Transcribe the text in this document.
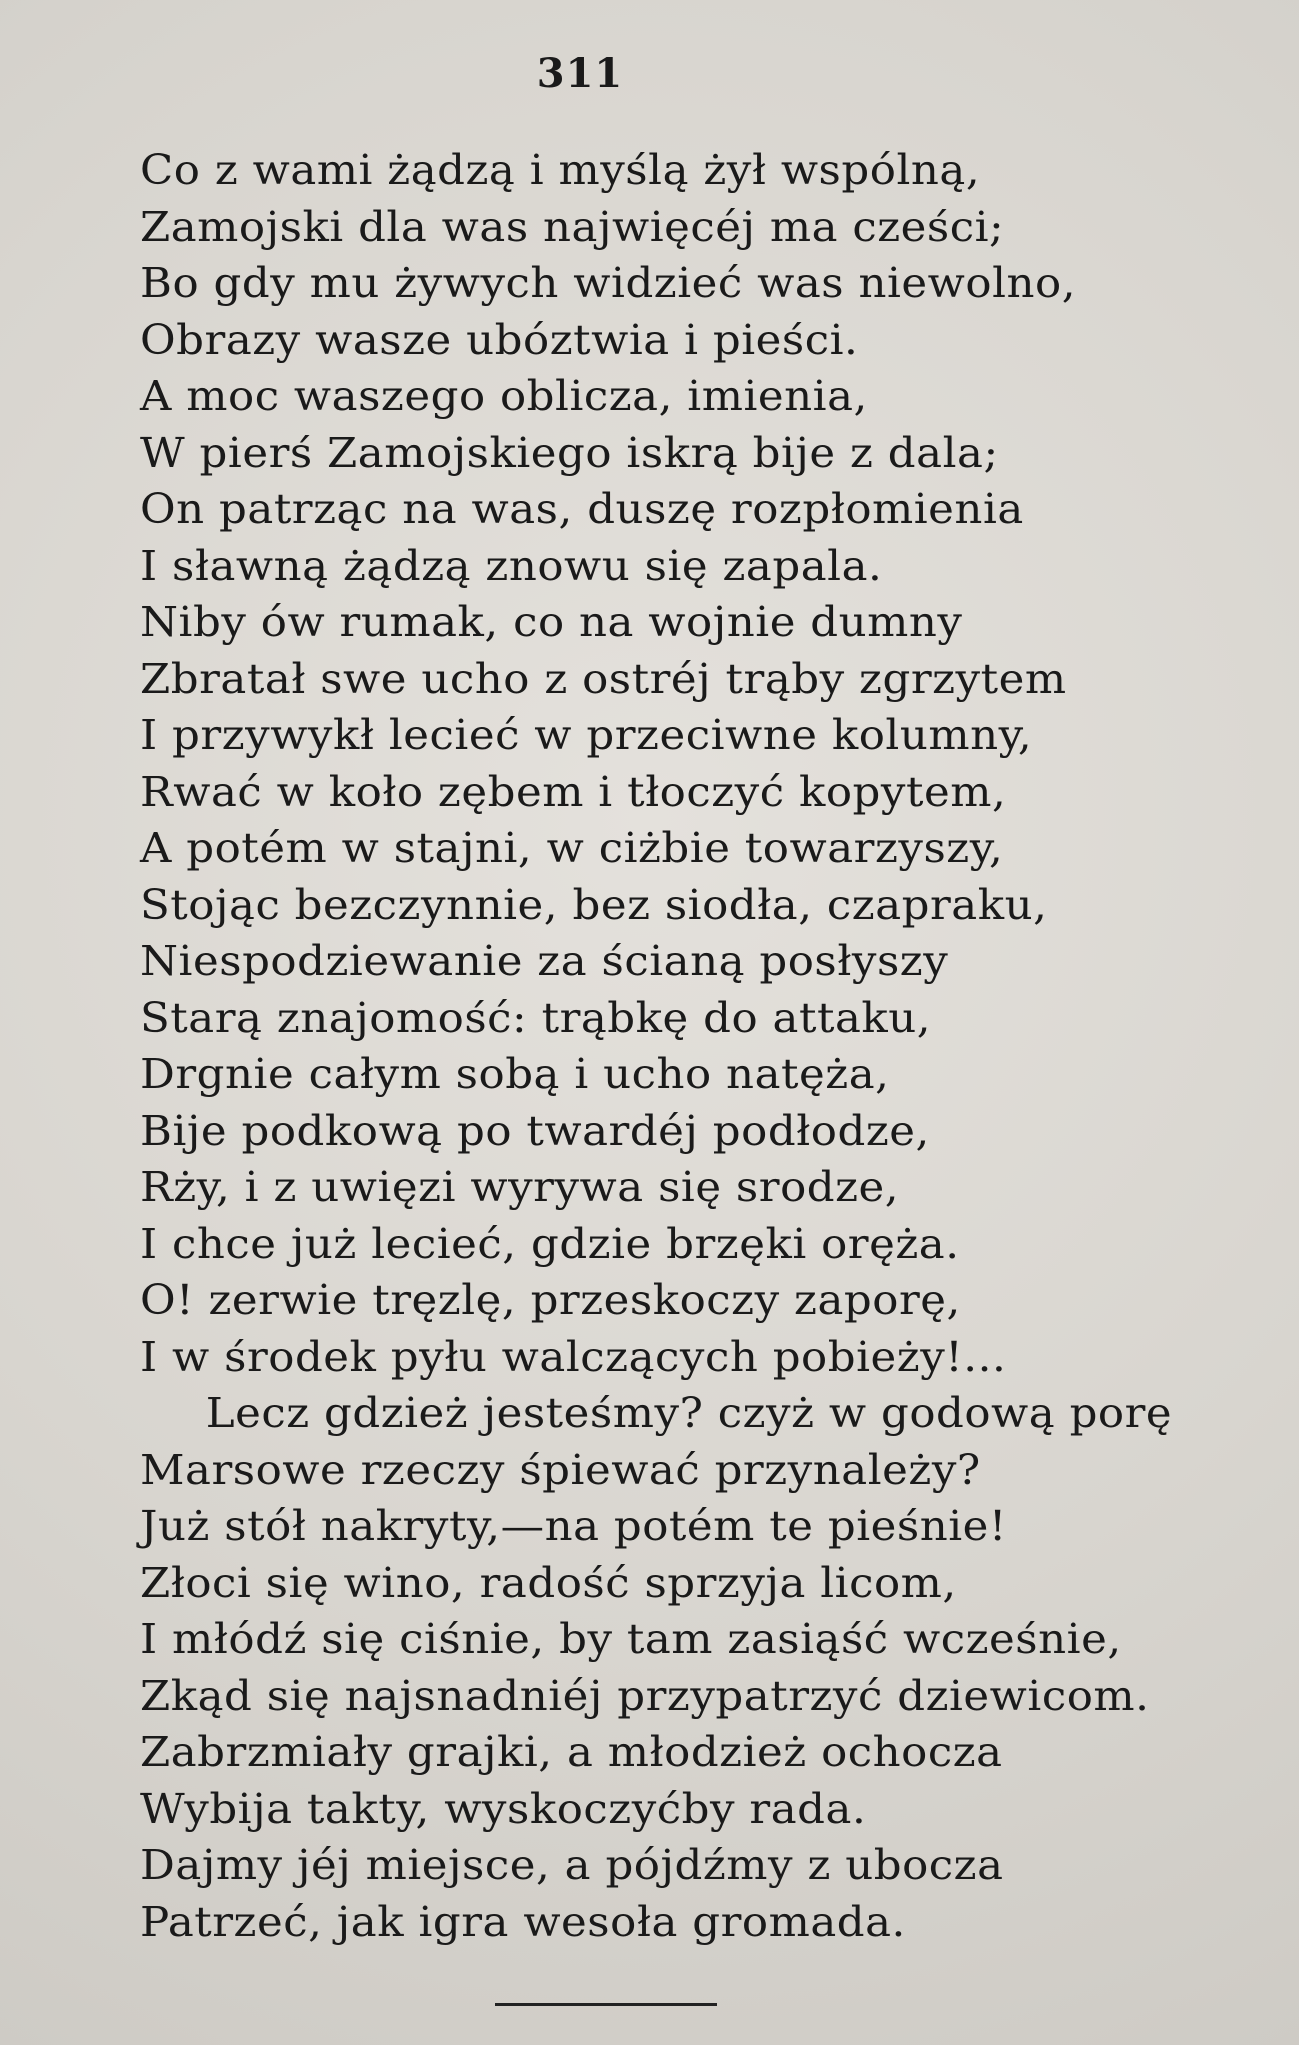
311
Co z wami żądzą i myślą żył wspólną,
Zamojski dla was najwięcéj ma cześci;
Bo gdy mu żywych widzieć was niewolno,
Obrazy wasze ubóztwia i pieści.
A moc waszego oblicza, imienia,
W pierś Zamojskiego iskrą bije z dala;
On patrząc na was, duszę rozpłomienia
I sławną żądzą znowu się zapala.
Niby ów rumak, co na wojnie dumny
Zbratał swe ucho z ostréj trąby zgrzytem
I przywykł lecieć w przeciwne kolumny,
Rwać w koło zębem i tłoczyć kopytem,
A potém w stajni, w ciżbie towarzyszy,
Stojąc bezczynnie, bez siodła, czapraku,
Niespodziewanie za ścianą posłyszy
Starą znajomość: trąbkę do attaku,
Drgnie całym sobą i ucho natęża,
Bije podkową po twardéj podłodze,
Rży, i z uwięzi wyrywa się srodze,
I chce już lecieć, gdzie brzęki oręża.
O! zerwie tręzlę, przeskoczy zaporę,
I w środek pyłu walczących pobieży!...
Lecz gdzież jesteśmy? czyż w godową porę
Marsowe rzeczy śpiewać przynależy?
Już stół nakryty,—na potém te pieśnie!
Złoci się wino, radość sprzyja licom,
I młódź się ciśnie, by tam zasiąść wcześnie,
Zkąd się najsnadniéj przypatrzyć dziewicom.
Zabrzmiały grajki, a młodzież ochocza
Wybija takty, wyskoczyćby rada.
Dajmy jéj miejsce, a pójdźmy z ubocza
Patrzeć, jak igra wesoła gromada.
